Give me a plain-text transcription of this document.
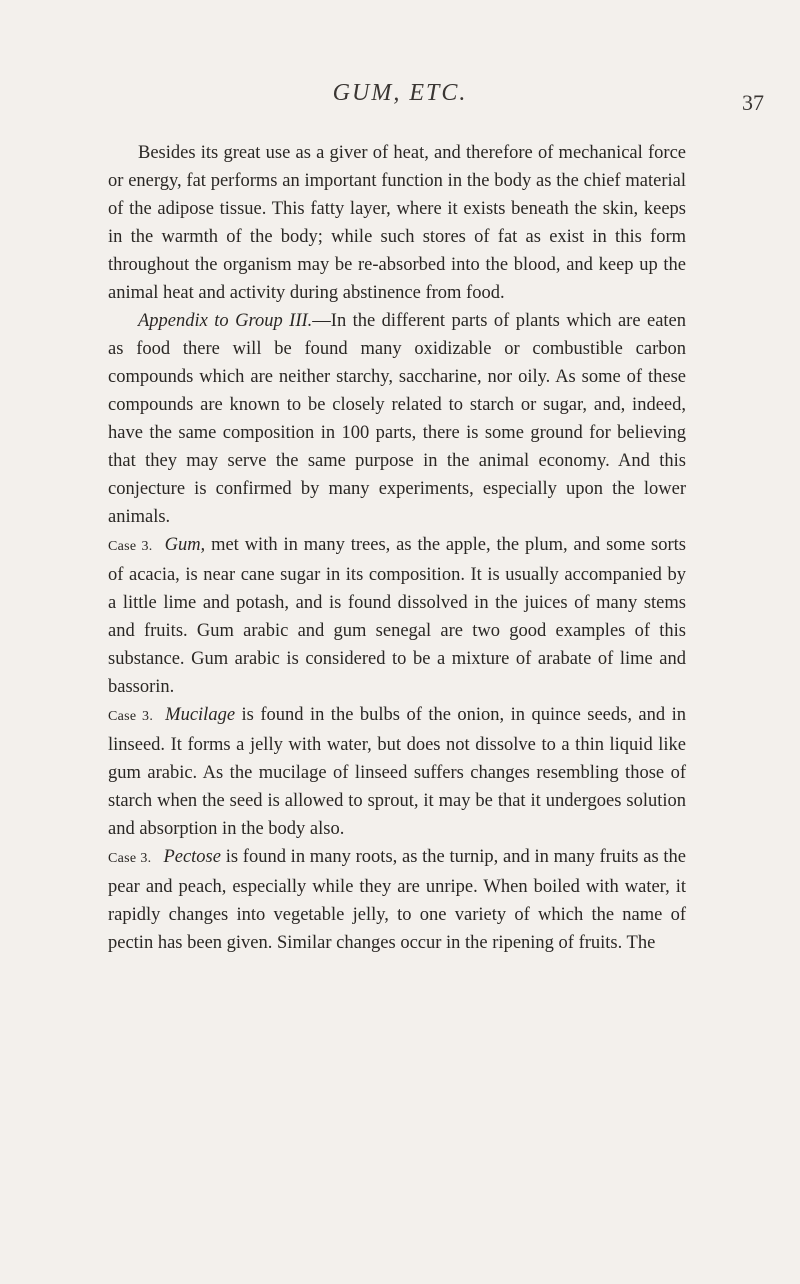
GUM, ETC.	37

Besides its great use as a giver of heat, and therefore of mechanical force or energy, fat performs an important function in the body as the chief material of the adipose tissue. This fatty layer, where it exists beneath the skin, keeps in the warmth of the body; while such stores of fat as exist in this form throughout the organism may be re-absorbed into the blood, and keep up the animal heat and activity during abstinence from food.

Appendix to Group III.—In the different parts of plants which are eaten as food there will be found many oxidizable or combustible carbon compounds which are neither starchy, saccharine, nor oily. As some of these compounds are known to be closely related to starch or sugar, and, indeed, have the same composition in 100 parts, there is some ground for believing that they may serve the same purpose in the animal economy. And this conjecture is confirmed by many experiments, especially upon the lower animals.

Case 3. Gum, met with in many trees, as the apple, the plum, and some sorts of acacia, is near cane sugar in its composition. It is usually accompanied by a little lime and potash, and is found dissolved in the juices of many stems and fruits. Gum arabic and gum senegal are two good examples of this substance. Gum arabic is considered to be a mixture of arabate of lime and bassorin.

Case 3. Mucilage is found in the bulbs of the onion, in quince seeds, and in linseed. It forms a jelly with water, but does not dissolve to a thin liquid like gum arabic. As the mucilage of linseed suffers changes resembling those of starch when the seed is allowed to sprout, it may be that it undergoes solution and absorption in the body also.

Case 3. Pectose is found in many roots, as the turnip, and in many fruits as the pear and peach, especially while they are unripe. When boiled with water, it rapidly changes into vegetable jelly, to one variety of which the name of pectin has been given. Similar changes occur in the ripening of fruits. The
